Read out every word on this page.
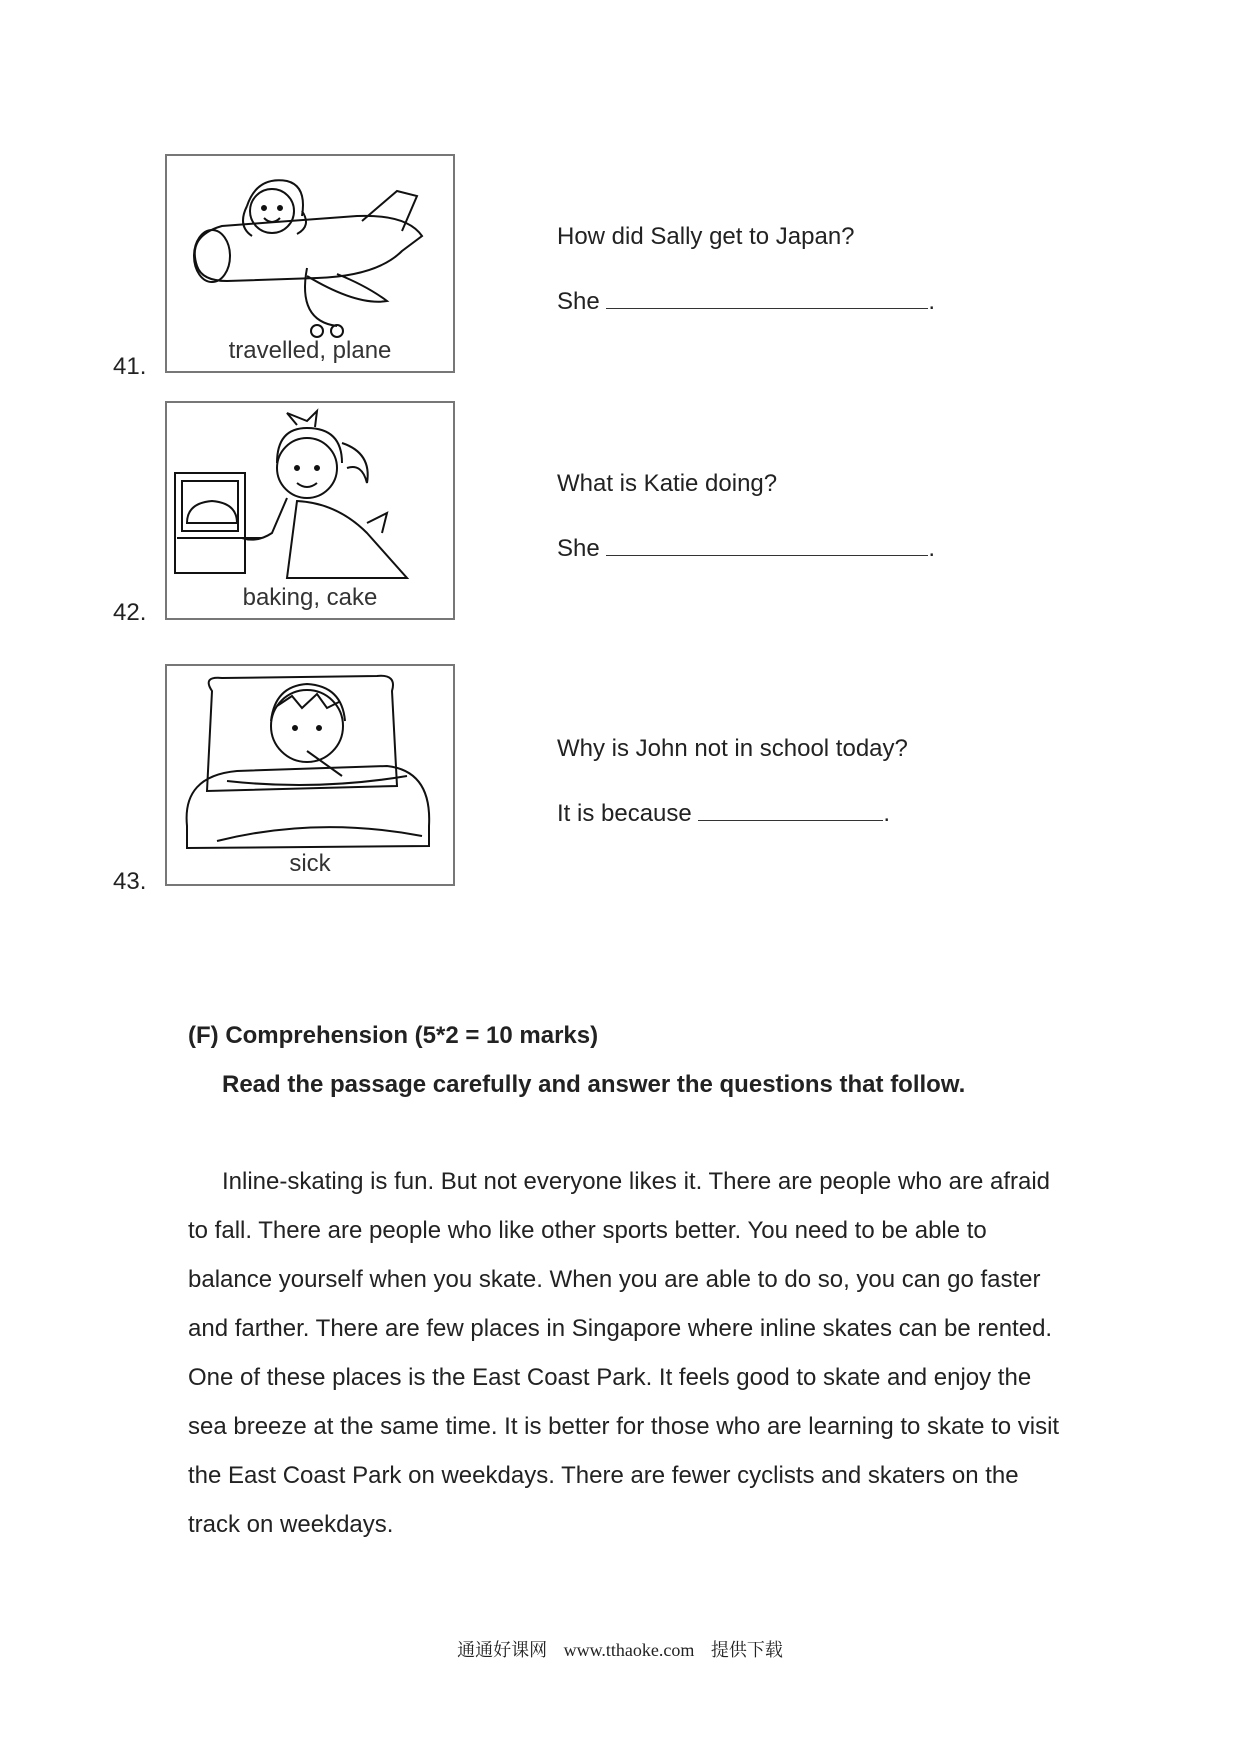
travelled, plane
41.
How did Sally get to Japan?
She	.
baking, cake
42.
What is Katie doing?
She	.
sick
43.
Why is John not in school today?
It is because	.
(F) Comprehension (5*2 = 10 marks)
Read the passage carefully and answer the questions that follow.

Inline-skating is fun. But not everyone likes it. There are people who are afraid to fall. There are people who like other sports better. You need to be able to balance yourself when you skate. When you are able to do so, you can go faster and farther. There are few places in Singapore where inline skates can be rented. One of these places is the East Coast Park. It feels good to skate and enjoy the sea breeze at the same time. It is better for those who are learning to skate to visit the East Coast Park on weekdays. There are fewer cyclists and skaters on the track on weekdays.

通通好课网 www.tthaoke.com 提供下载
